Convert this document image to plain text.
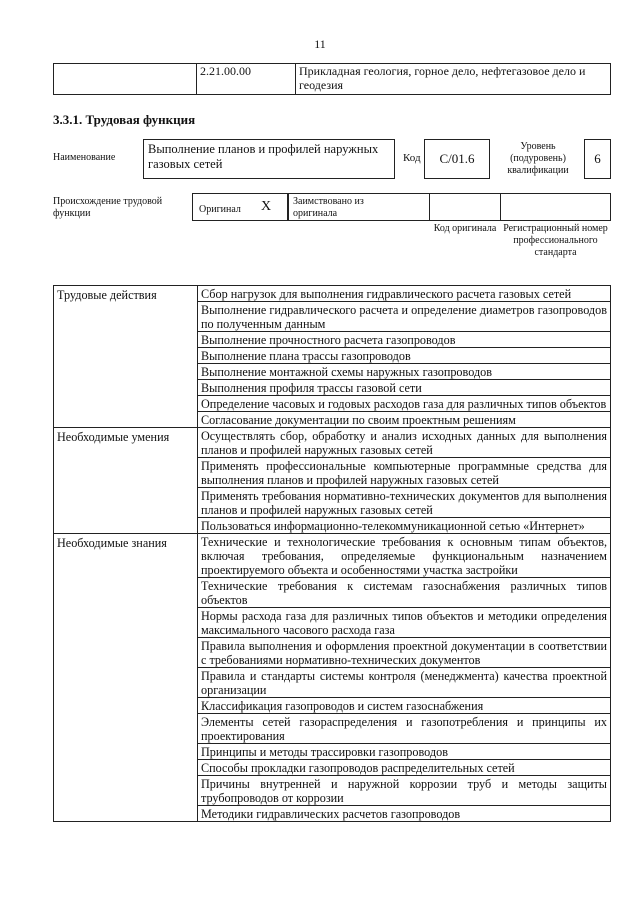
11
	2.21.00.00	Прикладная геология, горное дело, нефтегазовое дело и геодезия
3.3.1. Трудовая функция
Наименование
Выполнение планов и профилей наружных газовых сетей	Код	C/01.6
Уровень (подуровень) квалификации
6
Происхождение трудовой функции	Оригинал X Заимствовано из оригинала
Код оригинала Регистрационный номер профессионального стандарта
Трудовые действия	Сбор нагрузок для выполнения гидравлического расчета газовых сетей
	Выполнение гидравлического расчета и определение диаметров газопроводов по полученным данным
	Выполнение прочностного расчета газопроводов
	Выполнение плана трассы газопроводов
	Выполнение монтажной схемы наружных газопроводов
	Выполнения профиля трассы газовой сети
	Определение часовых и годовых расходов газа для различных типов объектов
	Согласование документации по своим проектным решениям
Необходимые умения	Осуществлять сбор, обработку и анализ исходных данных для выполнения планов и профилей наружных газовых сетей
	Применять профессиональные компьютерные программные средства для выполнения планов и профилей наружных газовых сетей
	Применять требования нормативно-технических документов для выполнения планов и профилей наружных газовых сетей
	Пользоваться информационно-телекоммуникационной сетью «Интернет»
Необходимые знания	Технические и технологические требования к основным типам объектов, включая требования, определяемые функциональным назначением проектируемого объекта и особенностями участка застройки
	Технические требования к системам газоснабжения различных типов объектов
	Нормы расхода газа для различных типов объектов и методики определения максимального часового расхода газа
	Правила выполнения и оформления проектной документации в соответствии с требованиями нормативно-технических документов
	Правила и стандарты системы контроля (менеджмента) качества проектной организации
	Классификация газопроводов и систем газоснабжения
	Элементы сетей газораспределения и газопотребления и принципы их проектирования
	Принципы и методы трассировки газопроводов
	Способы прокладки газопроводов распределительных сетей
	Причины внутренней и наружной коррозии труб и методы защиты трубопроводов от коррозии
	Методики гидравлических расчетов газопроводов
